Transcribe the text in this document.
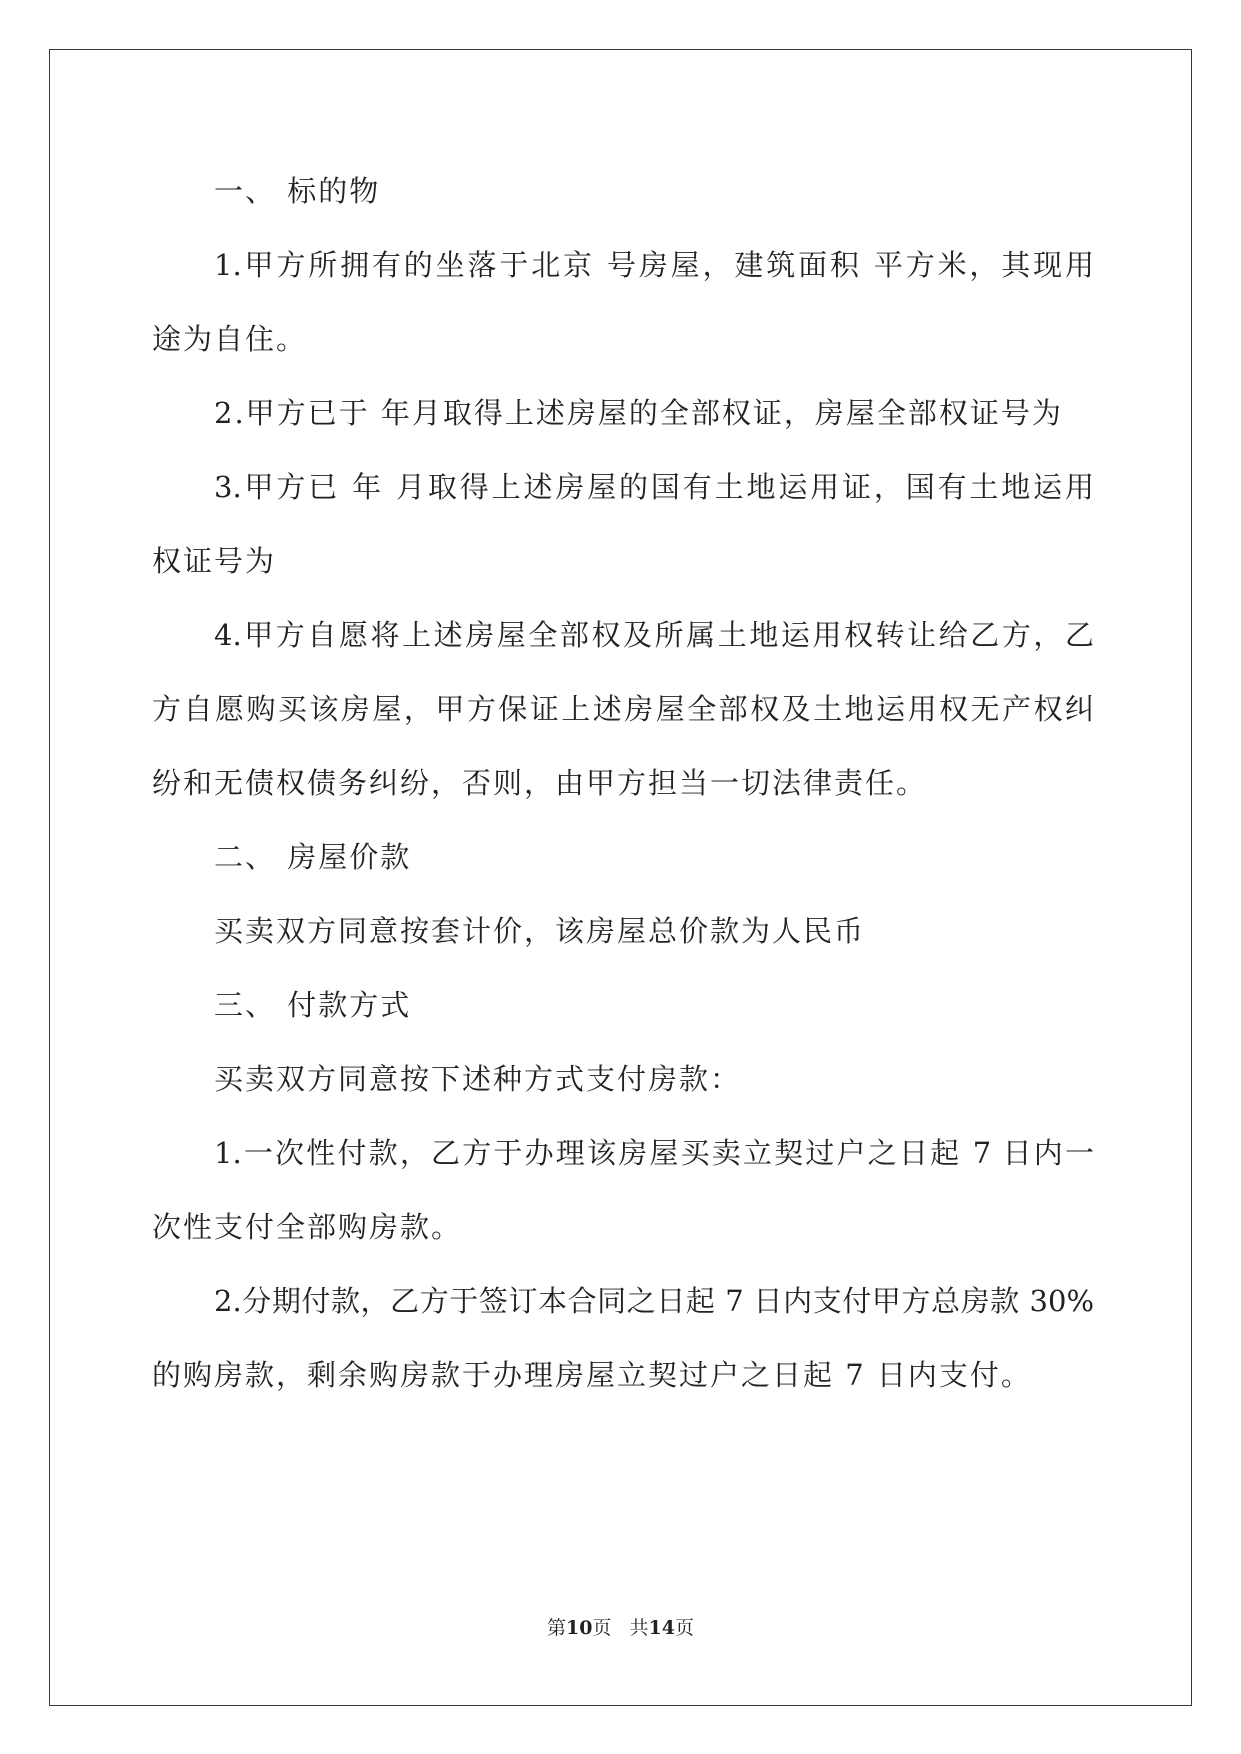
一、 标的物
1.甲方所拥有的坐落于北京 号房屋，建筑面积 平方米，其现用
途为自住。
2.甲方已于 年月取得上述房屋的全部权证，房屋全部权证号为
3.甲方已 年 月取得上述房屋的国有土地运用证，国有土地运用
权证号为
4.甲方自愿将上述房屋全部权及所属土地运用权转让给乙方，乙
方自愿购买该房屋，甲方保证上述房屋全部权及土地运用权无产权纠
纷和无债权债务纠纷，否则，由甲方担当一切法律责任。
二、 房屋价款
买卖双方同意按套计价，该房屋总价款为人民币
三、 付款方式
买卖双方同意按下述种方式支付房款：
1.一次性付款，乙方于办理该房屋买卖立契过户之日起 7 日内一
次性支付全部购房款。
2.分期付款，乙方于签订本合同之日起 7 日内支付甲方总房款 30%
的购房款，剩余购房款于办理房屋立契过户之日起 7 日内支付。
第10页 共14页
